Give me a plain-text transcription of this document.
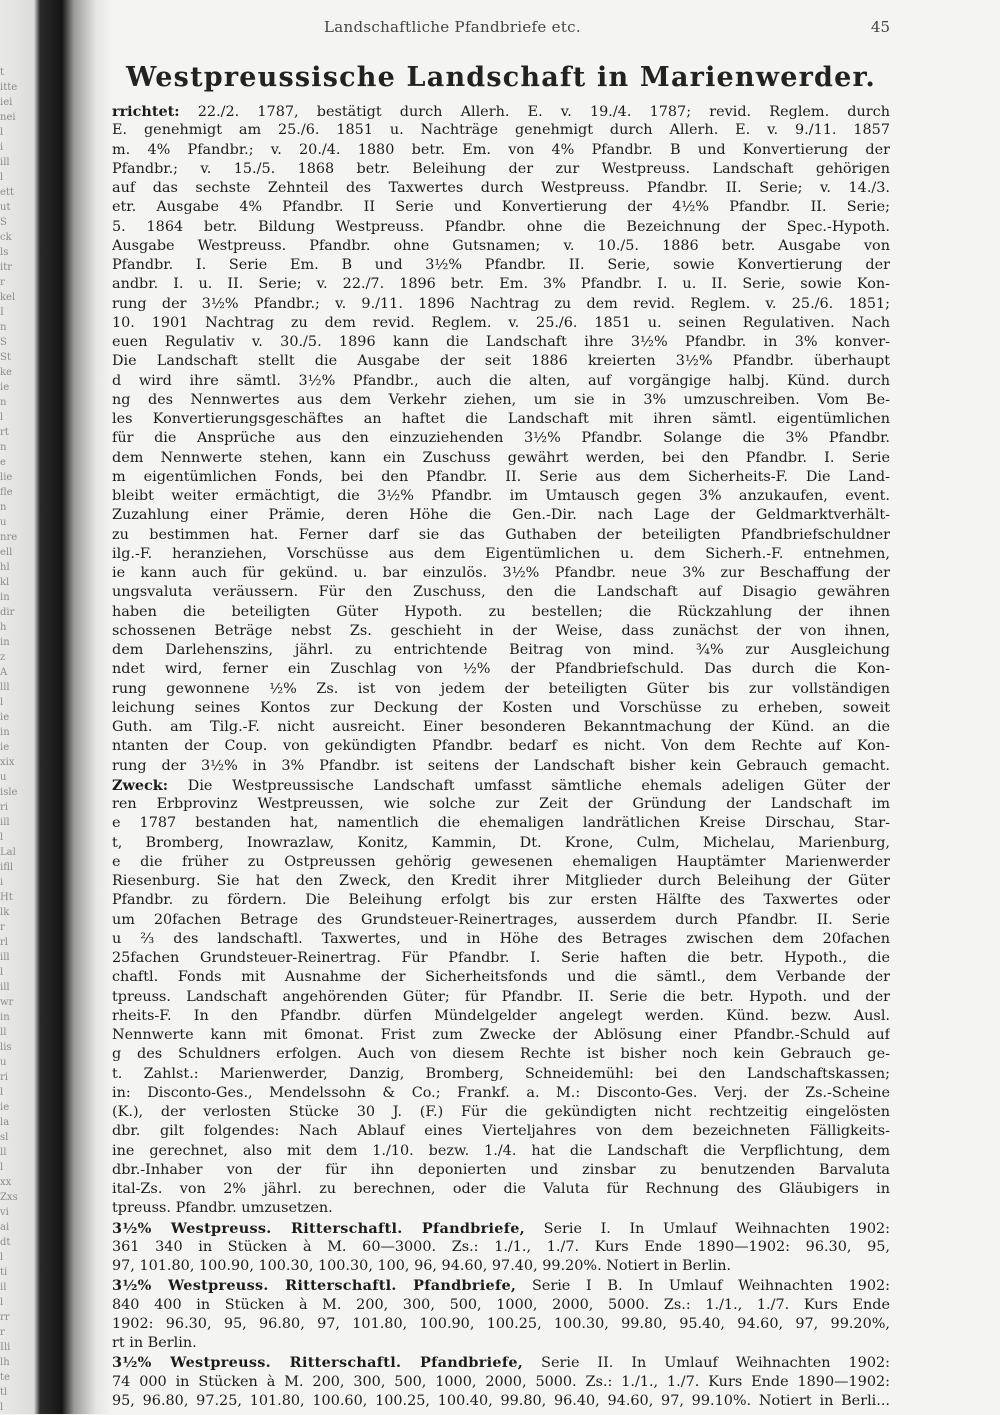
t
itte
iei
nei
l
i
ill
l
ett
ut
S
ck
ls
itr
r
kel
I
n
S
St
ke
ie
n
l
rt
n
e
lie
fle
n
u
nre
ell
hl
kl
in
dir
h
in
z
A
lll
l
ie
in
ie
xix
u
isle
ri
ill
l
Lal
ifll
i
Ht
lk
r
rl
ill
l
ill
wr
in
ll
lis
u
ri
l
ie
la
sl
ll
l
xx
Zxs
vi
ai
dt
l
ti
il
l
rr
r
Ili
lh
te
tl
l
Landschaftliche Pfandbriefe etc.	45
Westpreussische Landschaft in Marienwerder.
rrichtet: 22./2. 1787, bestätigt durch Allerh. E. v. 19./4. 1787; revid. Reglem. durch
E. genehmigt am 25./6. 1851 u. Nachträge genehmigt durch Allerh. E. v. 9./11. 1857
m. 4% Pfandbr.; v. 20./4. 1880 betr. Em. von 4% Pfandbr. B und Konvertierung der
Pfandbr.; v. 15./5. 1868 betr. Beleihung der zur Westpreuss. Landschaft gehörigen
auf das sechste Zehnteil des Taxwertes durch Westpreuss. Pfandbr. II. Serie; v. 14./3.
etr. Ausgabe 4% Pfandbr. II Serie und Konvertierung der 4½% Pfandbr. II. Serie;
5. 1864 betr. Bildung Westpreuss. Pfandbr. ohne die Bezeichnung der Spec.-Hypoth.
Ausgabe Westpreuss. Pfandbr. ohne Gutsnamen; v. 10./5. 1886 betr. Ausgabe von
Pfandbr. I. Serie Em. B und 3½% Pfandbr. II. Serie, sowie Konvertierung der
andbr. I. u. II. Serie; v. 22./7. 1896 betr. Em. 3% Pfandbr. I. u. II. Serie, sowie Kon-
rung der 3½% Pfandbr.; v. 9./11. 1896 Nachtrag zu dem revid. Reglem. v. 25./6. 1851;
10. 1901 Nachtrag zu dem revid. Reglem. v. 25./6. 1851 u. seinen Regulativen. Nach
euen Regulativ v. 30./5. 1896 kann die Landschaft ihre 3½% Pfandbr. in 3% konver-
Die Landschaft stellt die Ausgabe der seit 1886 kreierten 3½% Pfandbr. überhaupt
d wird ihre sämtl. 3½% Pfandbr., auch die alten, auf vorgängige halbj. Künd. durch
ng des Nennwertes aus dem Verkehr ziehen, um sie in 3% umzuschreiben. Vom Be-
les Konvertierungsgeschäftes an haftet die Landschaft mit ihren sämtl. eigentümlichen
für die Ansprüche aus den einzuziehenden 3½% Pfandbr. Solange die 3% Pfandbr.
dem Nennwerte stehen, kann ein Zuschuss gewährt werden, bei den Pfandbr. I. Serie
m eigentümlichen Fonds, bei den Pfandbr. II. Serie aus dem Sicherheits-F. Die Land-
bleibt weiter ermächtigt, die 3½% Pfandbr. im Umtausch gegen 3% anzukaufen, event.
Zuzahlung einer Prämie, deren Höhe die Gen.-Dir. nach Lage der Geldmarktverhält-
zu bestimmen hat. Ferner darf sie das Guthaben der beteiligten Pfandbriefschuldner
ilg.-F. heranziehen, Vorschüsse aus dem Eigentümlichen u. dem Sicherh.-F. entnehmen,
ie kann auch für gekünd. u. bar einzulös. 3½% Pfandbr. neue 3% zur Beschaffung der
ungsvaluta veräussern. Für den Zuschuss, den die Landschaft auf Disagio gewähren
haben die beteiligten Güter Hypoth. zu bestellen; die Rückzahlung der ihnen
schossenen Beträge nebst Zs. geschieht in der Weise, dass zunächst der von ihnen,
dem Darlehenszins, jährl. zu entrichtende Beitrag von mind. ¾% zur Ausgleichung
ndet wird, ferner ein Zuschlag von ½% der Pfandbriefschuld. Das durch die Kon-
rung gewonnene ½% Zs. ist von jedem der beteiligten Güter bis zur vollständigen
leichung seines Kontos zur Deckung der Kosten und Vorschüsse zu erheben, soweit
Guth. am Tilg.-F. nicht ausreicht. Einer besonderen Bekanntmachung der Künd. an die
ntanten der Coup. von gekündigten Pfandbr. bedarf es nicht. Von dem Rechte auf Kon-
rung der 3½% in 3% Pfandbr. ist seitens der Landschaft bisher kein Gebrauch gemacht.
Zweck: Die Westpreussische Landschaft umfasst sämtliche ehemals adeligen Güter der
ren Erbprovinz Westpreussen, wie solche zur Zeit der Gründung der Landschaft im
e 1787 bestanden hat, namentlich die ehemaligen landrätlichen Kreise Dirschau, Star-
t, Bromberg, Inowrazlaw, Konitz, Kammin, Dt. Krone, Culm, Michelau, Marienburg,
e die früher zu Ostpreussen gehörig gewesenen ehemaligen Hauptämter Marienwerder
Riesenburg. Sie hat den Zweck, den Kredit ihrer Mitglieder durch Beleihung der Güter
Pfandbr. zu fördern. Die Beleihung erfolgt bis zur ersten Hälfte des Taxwertes oder
um 20fachen Betrage des Grundsteuer-Reinertrages, ausserdem durch Pfandbr. II. Serie
u ⅔ des landschaftl. Taxwertes, und in Höhe des Betrages zwischen dem 20fachen
25fachen Grundsteuer-Reinertrag. Für Pfandbr. I. Serie haften die betr. Hypoth., die
chaftl. Fonds mit Ausnahme der Sicherheitsfonds und die sämtl., dem Verbande der
tpreuss. Landschaft angehörenden Güter; für Pfandbr. II. Serie die betr. Hypoth. und der
rheits-F. In den Pfandbr. dürfen Mündelgelder angelegt werden. Künd. bezw. Ausl.
Nennwerte kann mit 6monat. Frist zum Zwecke der Ablösung einer Pfandbr.-Schuld auf
g des Schuldners erfolgen. Auch von diesem Rechte ist bisher noch kein Gebrauch ge-
t. Zahlst.: Marienwerder, Danzig, Bromberg, Schneidemühl: bei den Landschaftskassen;
in: Disconto-Ges., Mendelssohn & Co.; Frankf. a. M.: Disconto-Ges. Verj. der Zs.-Scheine
(K.), der verlosten Stücke 30 J. (F.) Für die gekündigten nicht rechtzeitig eingelösten
dbr. gilt folgendes: Nach Ablauf eines Vierteljahres von dem bezeichneten Fälligkeits-
ine gerechnet, also mit dem 1./10. bezw. 1./4. hat die Landschaft die Verpflichtung, dem
dbr.-Inhaber von der für ihn deponierten und zinsbar zu benutzenden Barvaluta
ital-Zs. von 2% jährl. zu berechnen, oder die Valuta für Rechnung des Gläubigers in
tpreuss. Pfandbr. umzusetzen.
3½% Westpreuss. Ritterschaftl. Pfandbriefe, Serie I. In Umlauf Weihnachten 1902:
361 340 in Stücken à M. 60—3000. Zs.: 1./1., 1./7. Kurs Ende 1890—1902: 96.30, 95,
97, 101.80, 100.90, 100.30, 100.30, 100, 96, 94.60, 97.40, 99.20%. Notiert in Berlin.
3½% Westpreuss. Ritterschaftl. Pfandbriefe, Serie I B. In Umlauf Weihnachten 1902:
840 400 in Stücken à M. 200, 300, 500, 1000, 2000, 5000. Zs.: 1./1., 1./7. Kurs Ende
1902: 96.30, 95, 96.80, 97, 101.80, 100.90, 100.25, 100.30, 99.80, 95.40, 94.60, 97, 99.20%,
rt in Berlin.
3½% Westpreuss. Ritterschaftl. Pfandbriefe, Serie II. In Umlauf Weihnachten 1902:
74 000 in Stücken à M. 200, 300, 500, 1000, 2000, 5000. Zs.: 1./1., 1./7. Kurs Ende 1890—1902:
95, 96.80, 97.25, 101.80, 100.60, 100.25, 100.40, 99.80, 96.40, 94.60, 97, 99.10%. Notiert in Berli...
